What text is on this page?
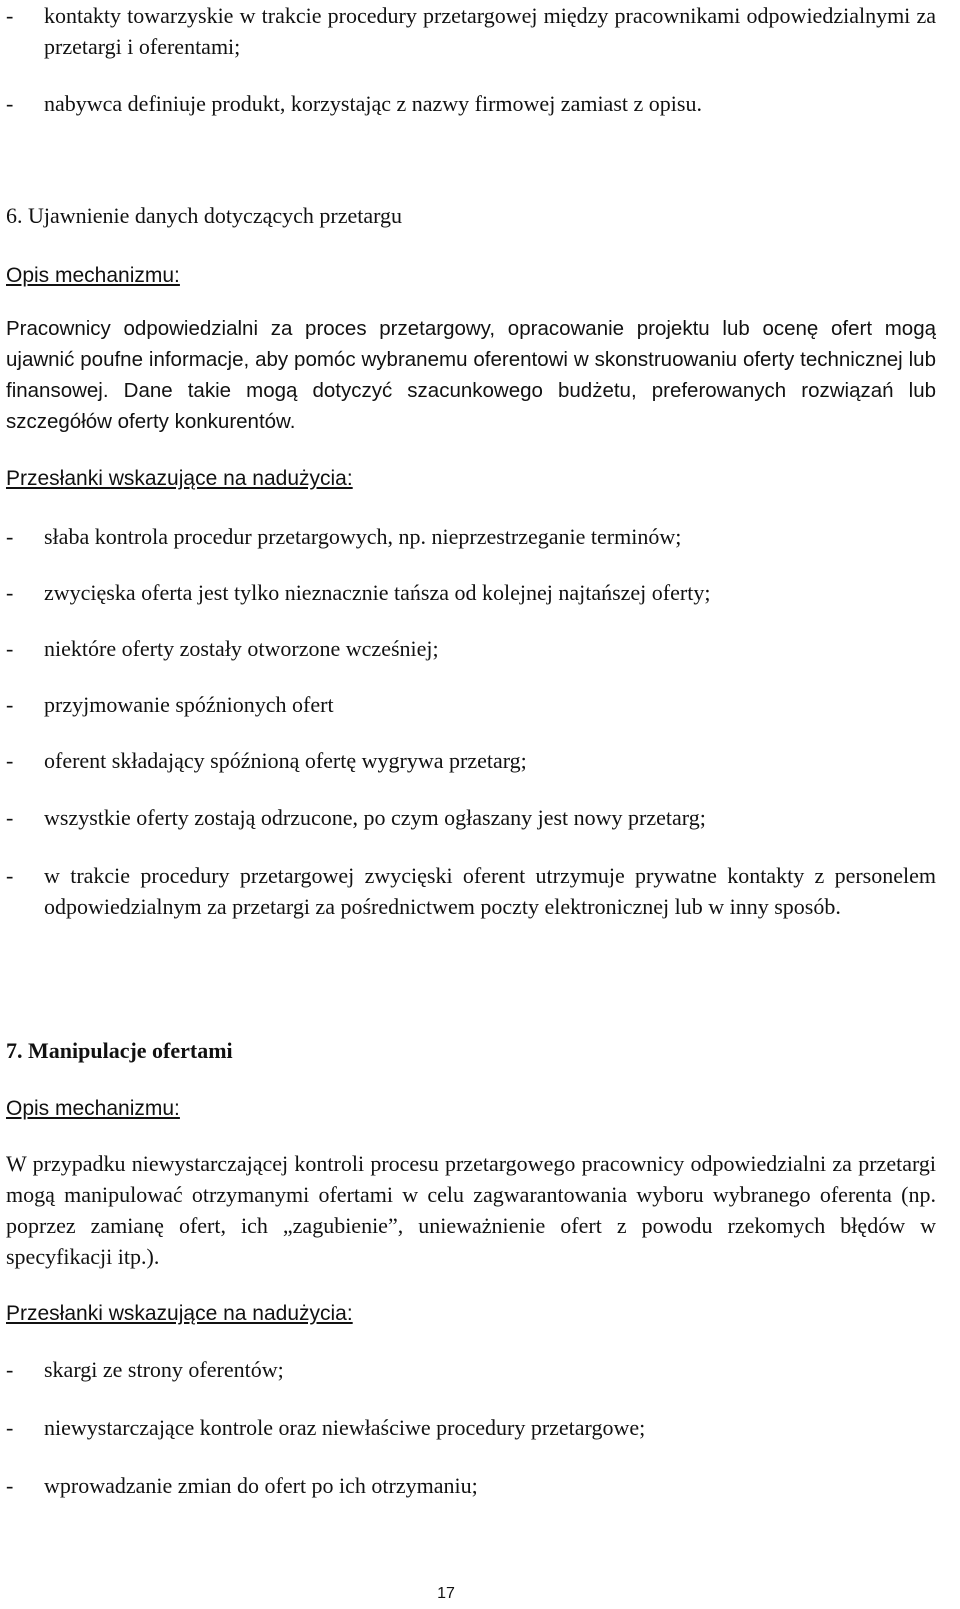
- kontakty towarzyskie w trakcie procedury przetargowej między pracownikami odpowiedzialnymi za przetargi i oferentami;
- nabywca definiuje produkt, korzystając z nazwy firmowej zamiast z opisu.
6. Ujawnienie danych dotyczących przetargu
Opis mechanizmu:
Pracownicy odpowiedzialni za proces przetargowy, opracowanie projektu lub ocenę ofert mogą ujawnić poufne informacje, aby pomóc wybranemu oferentowi w skonstruowaniu oferty technicznej lub finansowej. Dane takie mogą dotyczyć szacunkowego budżetu, preferowanych rozwiązań lub szczegółów oferty konkurentów.
Przesłanki wskazujące na nadużycia:
- słaba kontrola procedur przetargowych, np. nieprzestrzeganie terminów;
- zwycięska oferta jest tylko nieznacznie tańsza od kolejnej najtańszej oferty;
- niektóre oferty zostały otworzone wcześniej;
- przyjmowanie spóźnionych ofert
- oferent składający spóźnioną ofertę wygrywa przetarg;
- wszystkie oferty zostają odrzucone, po czym ogłaszany jest nowy przetarg;
- w trakcie procedury przetargowej zwycięski oferent utrzymuje prywatne kontakty z personelem odpowiedzialnym za przetargi za pośrednictwem poczty elektronicznej lub w inny sposób.
7. Manipulacje ofertami
Opis mechanizmu:
W przypadku niewystarczającej kontroli procesu przetargowego pracownicy odpowiedzialni za przetargi mogą manipulować otrzymanymi ofertami w celu zagwarantowania wyboru wybranego oferenta (np. poprzez zamianę ofert, ich „zagubienie”, unieważnienie ofert z powodu rzekomych błędów w specyfikacji itp.).
Przesłanki wskazujące na nadużycia:
- skargi ze strony oferentów;
- niewystarczające kontrole oraz niewłaściwe procedury przetargowe;
- wprowadzanie zmian do ofert po ich otrzymaniu;
17
